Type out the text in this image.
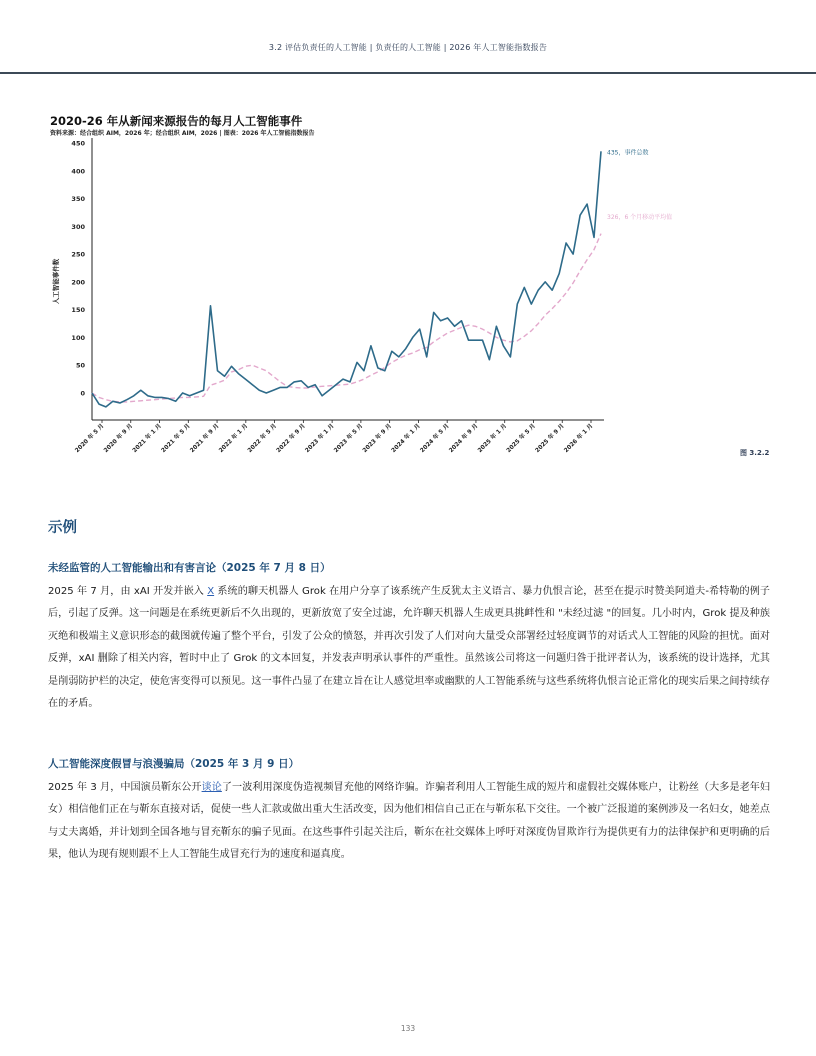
3.2 评估负责任的人工智能 | 负责任的人工智能 | 2026 年人工智能指数报告
2020-26 年从新闻来源报告的每月人工智能事件
资料来源：经合组织 AIM，2026 年；经合组织 AIM，2026 | 图表：2026 年人工智能指数报告
0
50
100
150
200
250
300
350
400
450
人工智能事件数
2020 年 5 月
2020 年 9 月
2021 年 1 月
2021 年 5 月
2021 年 9 月
2022 年 1 月
2022 年 5 月
2022 年 9 月
2023 年 1 月
2023 年 5 月
2023 年 9 月
2024 年 1 月
2024 年 5 月
2024 年 9 月
2025 年 1 月
2025 年 5 月
2025 年 9 月
2026 年 1 月
435，事件总数
326，6 个月移动平均值
图 3.2.2
示例
未经监管的人工智能输出和有害言论（2025 年 7 月 8 日）
2025 年 7 月，由 xAI 开发并嵌入 X 系统的聊天机器人 Grok 在用户分享了该系统产生反犹太主义语言、暴力仇恨言论，甚至在提示时赞美阿道夫-希特勒的例子后，引起了反弹。这一问题是在系统更新后不久出现的，更新放宽了安全过滤，允许聊天机器人生成更具挑衅性和 "未经过滤 "的回复。几小时内，Grok 提及种族灭绝和极端主义意识形态的截图就传遍了整个平台，引发了公众的愤怒，并再次引发了人们对向大量受众部署经过轻度调节的对话式人工智能的风险的担忧。面对反弹，xAI 删除了相关内容，暂时中止了 Grok 的文本回复，并发表声明承认事件的严重性。虽然该公司将这一问题归咎于批评者认为，该系统的设计选择，尤其是削弱防护栏的决定，使危害变得可以预见。这一事件凸显了在建立旨在让人感觉坦率或幽默的人工智能系统与这些系统将仇恨言论正常化的现实后果之间持续存在的矛盾。
人工智能深度假冒与浪漫骗局（2025 年 3 月 9 日）
2025 年 3 月，中国演员靳东公开谈论了一波利用深度伪造视频冒充他的网络诈骗。诈骗者利用人工智能生成的短片和虚假社交媒体账户，让粉丝（大多是老年妇女）相信他们正在与靳东直接对话，促使一些人汇款或做出重大生活改变，因为他们相信自己正在与靳东私下交往。一个被广泛报道的案例涉及一名妇女，她差点与丈夫离婚，并计划到全国各地与冒充靳东的骗子见面。在这些事件引起关注后，靳东在社交媒体上呼吁对深度伪冒欺诈行为提供更有力的法律保护和更明确的后果，他认为现有规则跟不上人工智能生成冒充行为的速度和逼真度。
133
